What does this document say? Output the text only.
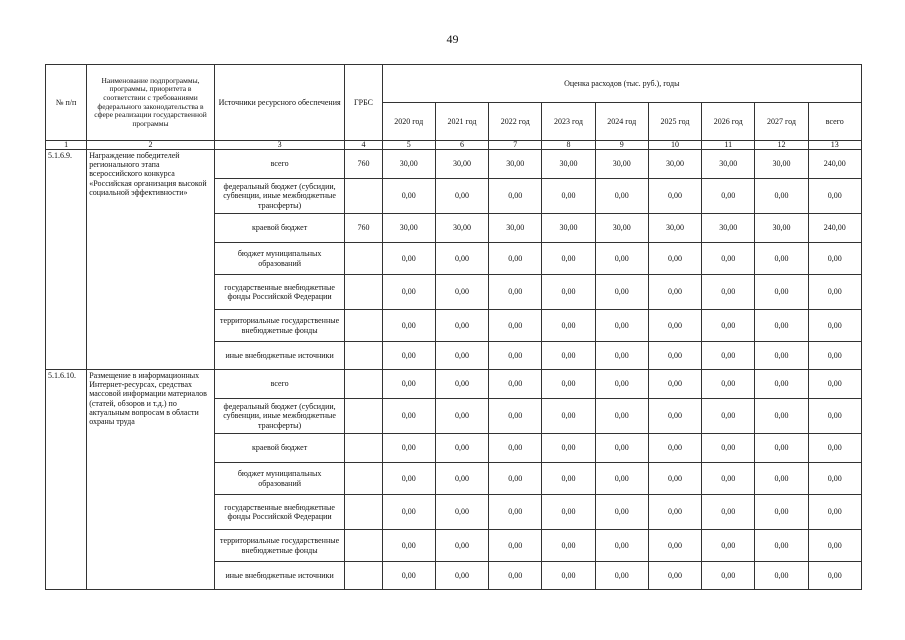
49
№ п/п	Наименование подпрограммы, программы, приоритета в соответствии с требованиями федерального законодательства в сфере реализации государственной программы	Источники ресурсного обеспечения	ГРБС	Оценка расходов (тыс. руб.), годы								
				2020 год	2021 год	2022 год	2023 год	2024 год	2025 год	2026 год	2027 год	всего
1	2	3	4	5	6	7	8	9	10	11	12	13
5.1.6.9.	Награждение победителей регионального этапа всероссийского конкурса «Российская организация высокой социальной эффективности»	всего	760	30,00	30,00	30,00	30,00	30,00	30,00	30,00	30,00	240,00
		федеральный бюджет (субсидии, субвенции, иные межбюджетные трансферты)		0,00	0,00	0,00	0,00	0,00	0,00	0,00	0,00	0,00
		краевой бюджет	760	30,00	30,00	30,00	30,00	30,00	30,00	30,00	30,00	240,00
		бюджет муниципальных образований		0,00	0,00	0,00	0,00	0,00	0,00	0,00	0,00	0,00
		государственные внебюджетные фонды Российской Федерации		0,00	0,00	0,00	0,00	0,00	0,00	0,00	0,00	0,00
		территориальные государственные внебюджетные фонды		0,00	0,00	0,00	0,00	0,00	0,00	0,00	0,00	0,00
		иные внебюджетные источники		0,00	0,00	0,00	0,00	0,00	0,00	0,00	0,00	0,00
5.1.6.10.	Размещение в информационных Интернет-ресурсах, средствах массовой информации материалов (статей, обзоров и т.д.) по актуальным вопросам в области охраны труда	всего		0,00	0,00	0,00	0,00	0,00	0,00	0,00	0,00	0,00
		федеральный бюджет (субсидии, субвенции, иные межбюджетные трансферты)		0,00	0,00	0,00	0,00	0,00	0,00	0,00	0,00	0,00
		краевой бюджет		0,00	0,00	0,00	0,00	0,00	0,00	0,00	0,00	0,00
		бюджет муниципальных образований		0,00	0,00	0,00	0,00	0,00	0,00	0,00	0,00	0,00
		государственные внебюджетные фонды Российской Федерации		0,00	0,00	0,00	0,00	0,00	0,00	0,00	0,00	0,00
		территориальные государственные внебюджетные фонды		0,00	0,00	0,00	0,00	0,00	0,00	0,00	0,00	0,00
		иные внебюджетные источники		0,00	0,00	0,00	0,00	0,00	0,00	0,00	0,00	0,00
